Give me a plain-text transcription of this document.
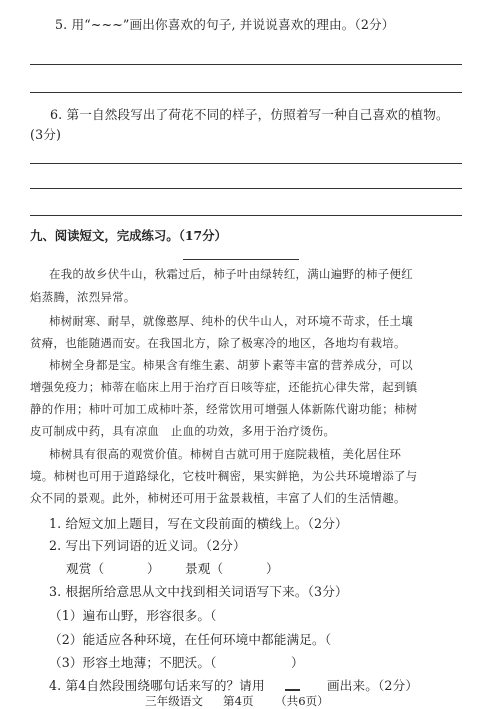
5. 用“~~~”画出你喜欢的句子, 并说说喜欢的理由。（2分）
6. 第一自然段写出了荷花不同的样子，仿照着写一种自己喜欢的植物。
(3分)
九、阅读短文，完成练习。（17分）
在我的故乡伏牛山，秋霜过后，柿子叶由绿转红，满山遍野的柿子便红
焰蒸腾，浓烈异常。
柿树耐寒、耐旱，就像憨厚、纯朴的伏牛山人，对环境不苛求，任土壤
贫瘠，也能随遇而安。在我国北方，除了极寒冷的地区，各地均有栽培。
柿树全身都是宝。柿果含有维生素、胡萝卜素等丰富的营养成分，可以
增强免疫力；柿蒂在临床上用于治疗百日咳等症，还能抗心律失常，起到镇
静的作用；柿叶可加工成柿叶茶，经常饮用可增强人体新陈代谢功能；柿树
皮可制成中药，具有凉血　止血的功效，多用于治疗烫伤。
柿树具有很高的观赏价值。柿树自古就可用于庭院栽植，美化居住环
境。柿树也可用于道路绿化，它枝叶稠密，果实鲜艳，为公共环境增添了与
众不同的景观。此外，柿树还可用于盆景栽植，丰富了人们的生活情趣。
1. 给短文加上题目，写在文段前面的横线上。（2分）
2. 写出下列词语的近义词。（2分）
观赏（	） 景观（	）
3. 根据所给意思从文中找到相关词语写下来。（3分）
（1）遍布山野，形容很多。（
（2）能适应各种环境，在任何环境中都能满足。（
（3）形容土地薄；不肥沃。（	）
4. 第4自然段围绕哪句话来写的？请用	画出来。（2分）
三年级语文 第4页 （共6页）
